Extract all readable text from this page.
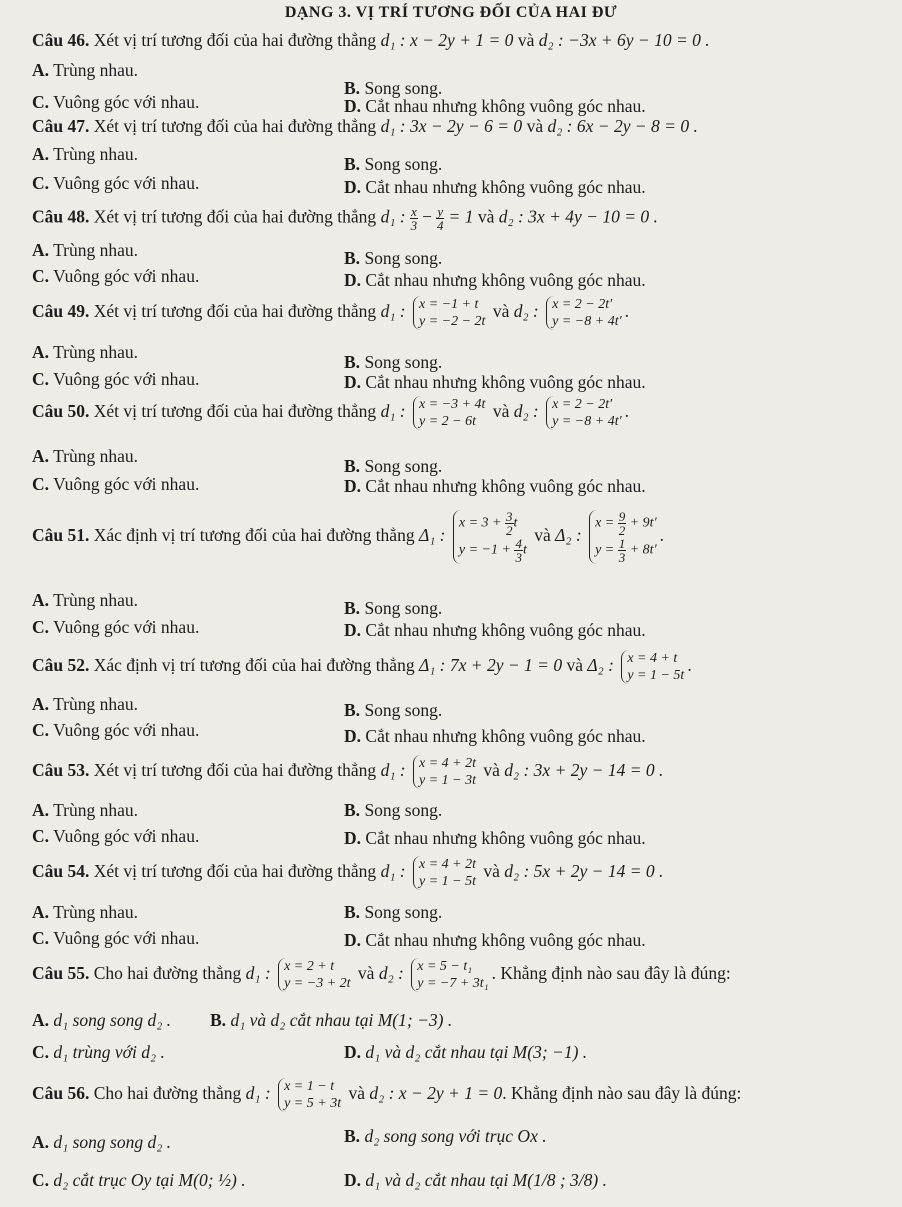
DẠNG 3. VỊ TRÍ TƯƠNG ĐỐI CỦA HAI ĐƯ
Câu 46. Xét vị trí tương đối của hai đường thẳng d₁ : x − 2y + 1 = 0 và d₂ : −3x + 6y − 10 = 0 .
A. Trùng nhau.
B. Song song.
C. Vuông góc với nhau.	D. Cắt nhau nhưng không vuông góc nhau.
Câu 47. Xét vị trí tương đối của hai đường thẳng d₁ : 3x − 2y − 6 = 0 và d₂ : 6x − 2y − 8 = 0 .
A. Trùng nhau.	B. Song song.
C. Vuông góc với nhau.	D. Cắt nhau nhưng không vuông góc nhau.
Câu 48. Xét vị trí tương đối của hai đường thẳng d₁ : $\frac{x}{3} - \frac{y}{4} = 1$ và d₂ : 3x + 4y − 10 = 0 .
A. Trùng nhau.	B. Song song.
C. Vuông góc với nhau.	D. Cắt nhau nhưng không vuông góc nhau.
Câu 49. Xét vị trí tương đối của hai đường thẳng d₁ : x = −1 + t
y = −2 − 2t và d₂ : x = 2 − 2t′
y = −8 + 4t′.
A. Trùng nhau.	B. Song song.
C. Vuông góc với nhau.	D. Cắt nhau nhưng không vuông góc nhau.
Câu 50. Xét vị trí tương đối của hai đường thẳng d₁ : x = −3 + 4t
y = 2 − 6t và d₂ : x = 2 − 2t′
y = −8 + 4t′.
A. Trùng nhau.	B. Song song.
C. Vuông góc với nhau.	D. Cắt nhau nhưng không vuông góc nhau.
Câu 51. Xác định vị trí tương đối của hai đường thẳng Δ₁ : $x = 3 + \frac{3}{2}$ t
$y = -1 + \frac{4}{3}$ t và Δ₂ : $x = \frac{9}{2} + 9t'$
$y = \frac{1}{3} + 8t'$.
A. Trùng nhau.	B. Song song.
C. Vuông góc với nhau.	D. Cắt nhau nhưng không vuông góc nhau.
Câu 52. Xác định vị trí tương đối của hai đường thẳng Δ₁ : 7x + 2y − 1 = 0 và Δ₂ : x = 4 + t
y = 1 − 5t.
A. Trùng nhau.	B. Song song.
C. Vuông góc với nhau.	D. Cắt nhau nhưng không vuông góc nhau.
Câu 53. Xét vị trí tương đối của hai đường thẳng d₁ : x = 4 + 2t
y = 1 − 3t và d₂ : 3x + 2y − 14 = 0 .
A. Trùng nhau.	B. Song song.
C. Vuông góc với nhau.	D. Cắt nhau nhưng không vuông góc nhau.
Câu 54. Xét vị trí tương đối của hai đường thẳng d₁ : x = 4 + 2t
y = 1 − 5t và d₂ : 5x + 2y − 14 = 0 .
A. Trùng nhau.	B. Song song.
C. Vuông góc với nhau.	D. Cắt nhau nhưng không vuông góc nhau.
Câu 55. Cho hai đường thẳng d₁ : x = 2 + t
y = −3 + 2t và d₂ : x = 5 − t₁
y = −7 + 3t₁. Khẳng định nào sau đây là đúng:
A. d₁ song song d₂ . B. d₁ và d₂ cắt nhau tại M(1; −3) .
C. d₁ trùng với d₂ .	D. d₁ và d₂ cắt nhau tại M(3; −1) .
Câu 56. Cho hai đường thẳng d₁ : x = 1 − t
y = 5 + 3t và d₂ : x − 2y + 1 = 0. Khẳng định nào sau đây là đúng:
A. d₁ song song d₂ .	B. d₂ song song với trục Ox .
C. d₂ cắt trục Oy tại M(0; ½) .	D. d₁ và d₂ cắt nhau tại M(1/8 ; 3/8) .
